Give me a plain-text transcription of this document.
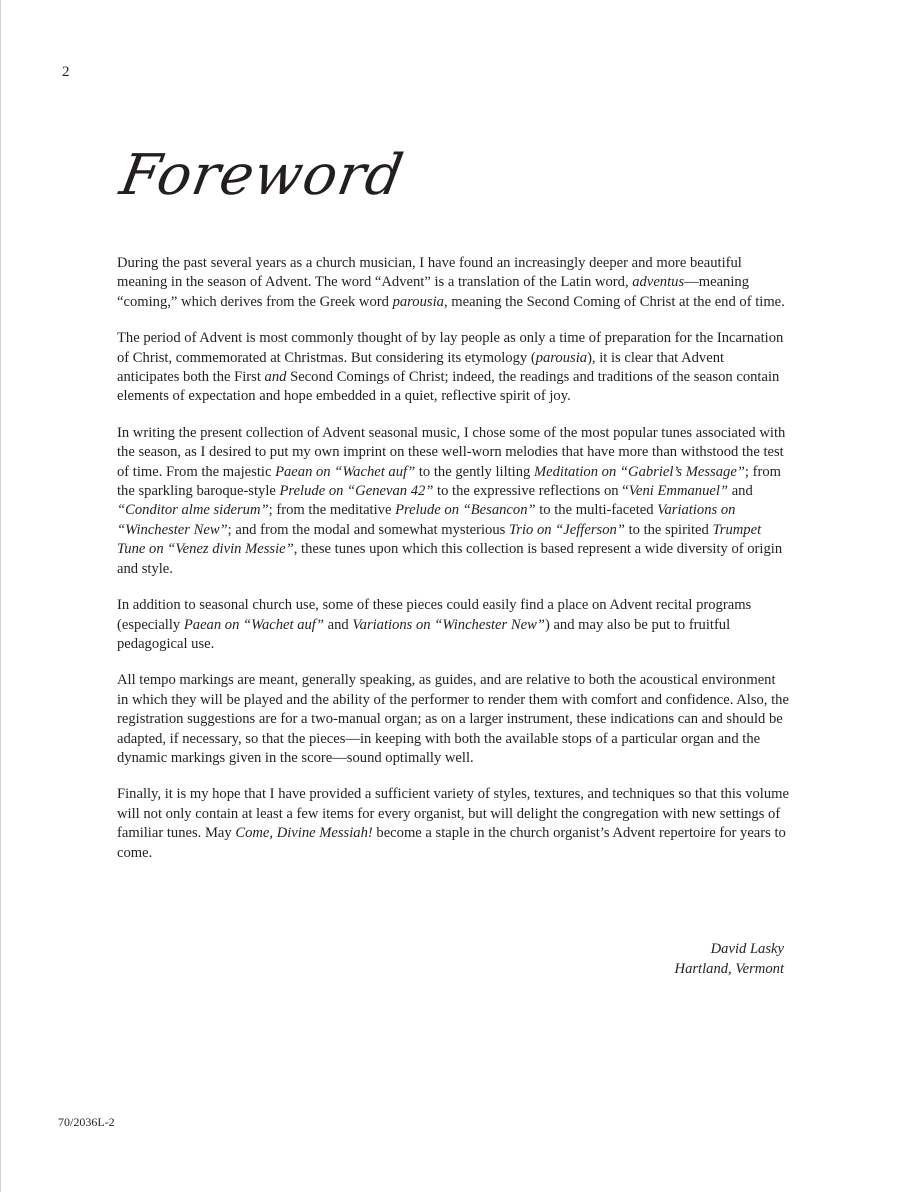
2
Foreword

During the past several years as a church musician, I have found an increasingly deeper and more beautiful meaning in the season of Advent. The word “Advent” is a translation of the Latin word, adventus—meaning “coming,” which derives from the Greek word parousia, meaning the Second Coming of Christ at the end of time.

The period of Advent is most commonly thought of by lay people as only a time of preparation for the Incarnation of Christ, commemorated at Christmas. But considering its etymology (parousia), it is clear that Advent anticipates both the First and Second Comings of Christ; indeed, the readings and traditions of the season contain elements of expectation and hope embedded in a quiet, reflective spirit of joy.

In writing the present collection of Advent seasonal music, I chose some of the most popular tunes associated with the season, as I desired to put my own imprint on these well-worn melodies that have more than withstood the test of time. From the majestic Paean on “Wachet auf” to the gently lilting Meditation on “Gabriel’s Message”; from the sparkling baroque-style Prelude on “Genevan 42” to the expressive reflections on “Veni Emmanuel” and “Conditor alme siderum”; from the meditative Prelude on “Besancon” to the multi-faceted Variations on “Winchester New”; and from the modal and somewhat mysterious Trio on “Jefferson” to the spirited Trumpet Tune on “Venez divin Messie”, these tunes upon which this collection is based represent a wide diversity of origin and style.

In addition to seasonal church use, some of these pieces could easily find a place on Advent recital programs (especially Paean on “Wachet auf” and Variations on “Winchester New”) and may also be put to fruitful pedagogical use.

All tempo markings are meant, generally speaking, as guides, and are relative to both the acoustical environment in which they will be played and the ability of the performer to render them with comfort and confidence. Also, the registration suggestions are for a two-manual organ; as on a larger instrument, these indications can and should be adapted, if necessary, so that the pieces—in keeping with both the available stops of a particular organ and the dynamic markings given in the score—sound optimally well.

Finally, it is my hope that I have provided a sufficient variety of styles, textures, and techniques so that this volume will not only contain at least a few items for every organist, but will delight the congregation with new settings of familiar tunes. May Come, Divine Messiah! become a staple in the church organist’s Advent repertoire for years to come.

David Lasky
Hartland, Vermont
70/2036L-2
